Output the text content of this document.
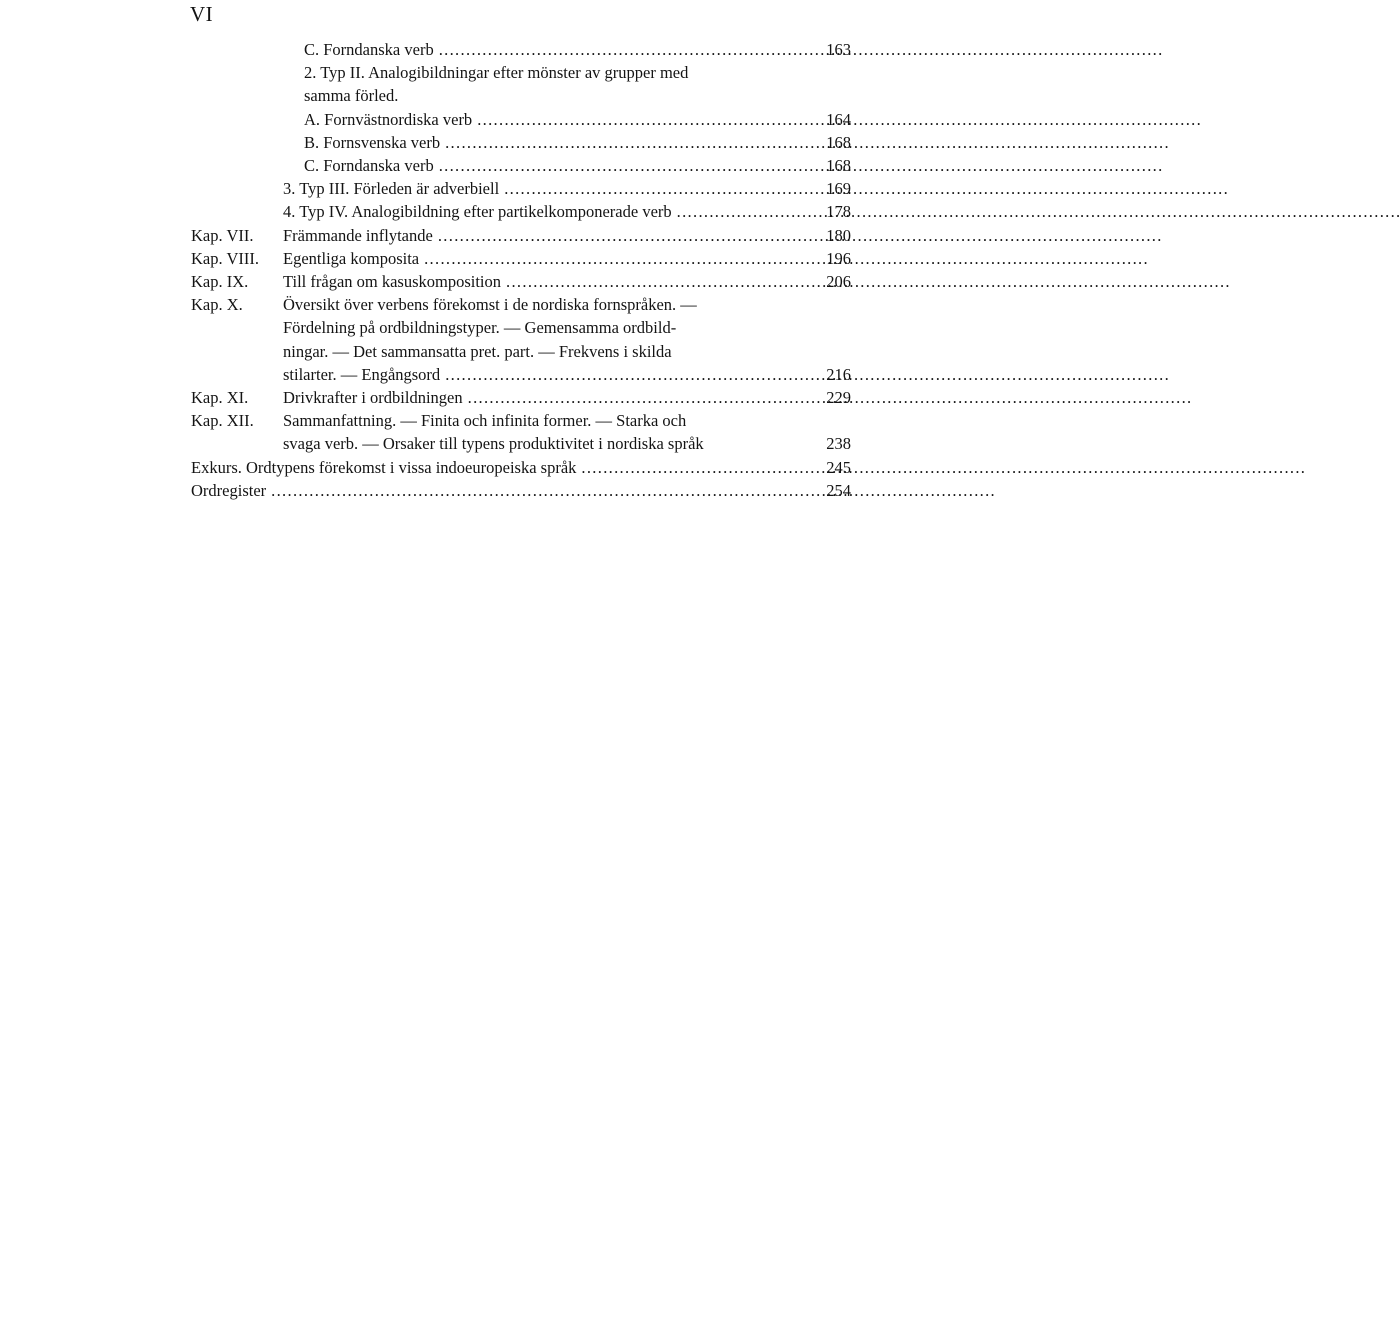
VI
C. Forndanska verb . . .	163
2. Typ II. Analogibildningar efter mönster av grupper med
samma förled.
A. Fornvästnordiska verb . . .	164
B. Fornsvenska verb . . .	168
C. Forndanska verb . . .	168
3. Typ III. Förleden är adverbiell . . .	169
4. Typ IV. Analogibildning efter partikelkomponerade verb . . .	178
Kap. VII.	Främmande inflytande . . .	180
Kap. VIII.	Egentliga komposita . . .	196
Kap. IX.	Till frågan om kasuskomposition . . .	206
Kap. X.	Översikt över verbens förekomst i de nordiska fornspråken. —
Fördelning på ordbildningstyper. — Gemensamma ordbild-
ningar. — Det sammansatta pret. part. — Frekvens i skilda
stilarter. — Engångsord . . .	216
Kap. XI.	Drivkrafter i ordbildningen . . .	229
Kap. XII.	Sammanfattning. — Finita och infinita former. — Starka och
svaga verb. — Orsaker till typens produktivitet i nordiska språk	238
Exkurs. Ordtypens förekomst i vissa indoeuropeiska språk . . .	245
Ordregister . . .	254
